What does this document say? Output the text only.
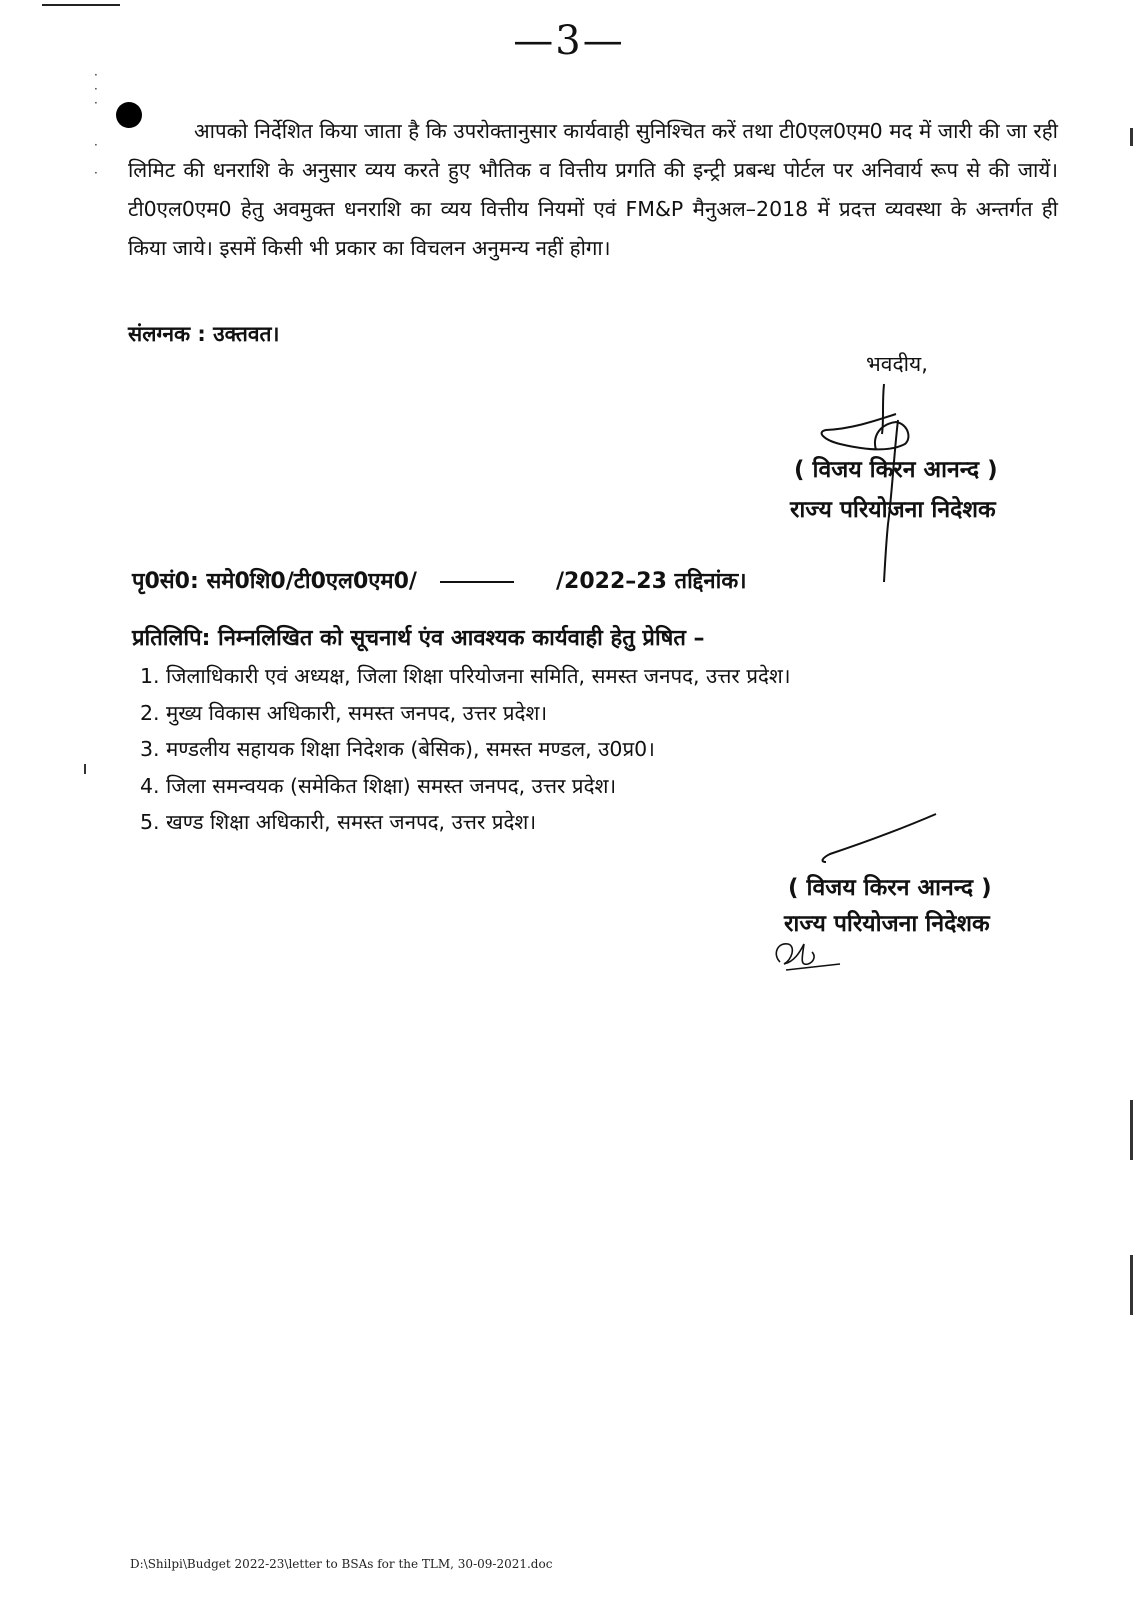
—3—
·
·
·

·

·
आपको निर्देशित किया जाता है कि उपरोक्तानुसार कार्यवाही सुनिश्चित करें तथा टी0एल0एम0 मद में जारी की जा रही लिमिट की धनराशि के अनुसार व्यय करते हुए भौतिक व वित्तीय प्रगति की इन्ट्री प्रबन्ध पोर्टल पर अनिवार्य रूप से की जायें। टी0एल0एम0 हेतु अवमुक्त धनराशि का व्यय वित्तीय नियमों एवं FM&P मैनुअल–2018 में प्रदत्त व्यवस्था के अन्तर्गत ही किया जाये। इसमें किसी भी प्रकार का विचलन अनुमन्य नहीं होगा।
संलग्नक : उक्तवत।
भवदीय,
( विजय किरन आनन्द )
राज्य परियोजना निदेशक
पृ0सं0: समे0शि0/टी0एल0एम0/	/2022–23 तद्दिनांक।
प्रतिलिपि: निम्नलिखित को सूचनार्थ एंव आवश्यक कार्यवाही हेतु प्रेषित –
1. जिलाधिकारी एवं अध्यक्ष, जिला शिक्षा परियोजना समिति, समस्त जनपद, उत्तर प्रदेश।
2. मुख्य विकास अधिकारी, समस्त जनपद, उत्तर प्रदेश।
3. मण्डलीय सहायक शिक्षा निदेशक (बेसिक), समस्त मण्डल, उ0प्र0।
4. जिला समन्वयक (समेकित शिक्षा) समस्त जनपद, उत्तर प्रदेश।
5. खण्ड शिक्षा अधिकारी, समस्त जनपद, उत्तर प्रदेश।
( विजय किरन आनन्द )
राज्य परियोजना निदेशक
D:\Shilpi\Budget 2022-23\letter to BSAs for the TLM, 30-09-2021.doc
